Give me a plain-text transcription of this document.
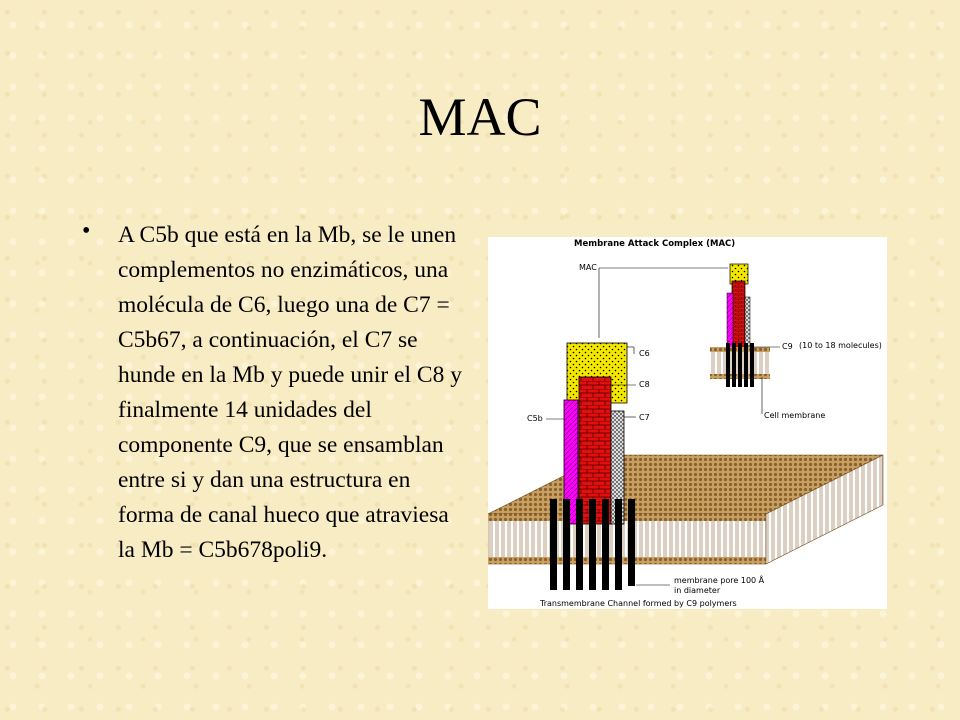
MAC
• A C5b que está en la Mb, se le unen complementos no enzimáticos, una molécula de C6, luego una de C7 = C5b67, a continuación, el C7 se hunde en la Mb y puede unir el C8 y finalmente 14 unidades del componente C9, que se ensamblan entre si y dan una estructura en forma de canal hueco que atraviesa la Mb = C5b678poli9.
Membrane Attack Complex (MAC)
MAC
C9 (10 to 18 molecules)
Cell membrane
C6
C8
C7
C5b
membrane pore 100 Å
in diameter
Transmembrane Channel formed by C9 polymers
